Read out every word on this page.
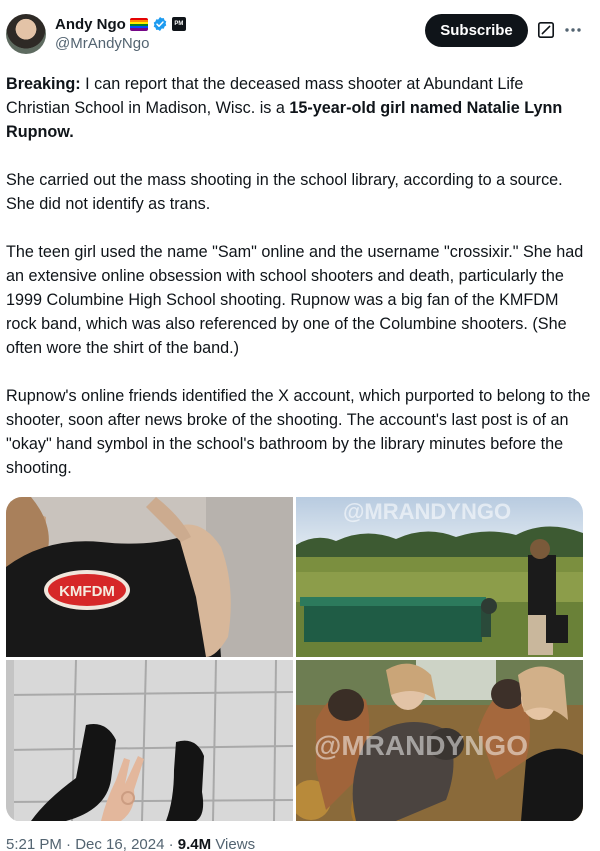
Andy Ngo	PM
@MrAndyNgo
Subscribe

Breaking: I can report that the deceased mass shooter at Abundant Life Christian School in Madison, Wisc. is a 15-year-old girl named Natalie Lynn Rupnow.

She carried out the mass shooting in the school library, according to a source. She did not identify as trans.

The teen girl used the name "Sam" online and the username "crossixir." She had an extensive online obsession with school shooters and death, particularly the 1999 Columbine High School shooting. Rupnow was a big fan of the KMFDM rock band, which was also referenced by one of the Columbine shooters. (She often wore the shirt of the band.)

Rupnow's online friends identified the X account, which purported to belong to the shooter, soon after news broke of the shooting. The account's last post is of an "okay" hand symbol in the school's bathroom by the library minutes before the shooting.

KMFDM
@MRANDYNGO
@MRANDYNGO
5:21 PM · Dec 16, 2024 · 9.4M Views
